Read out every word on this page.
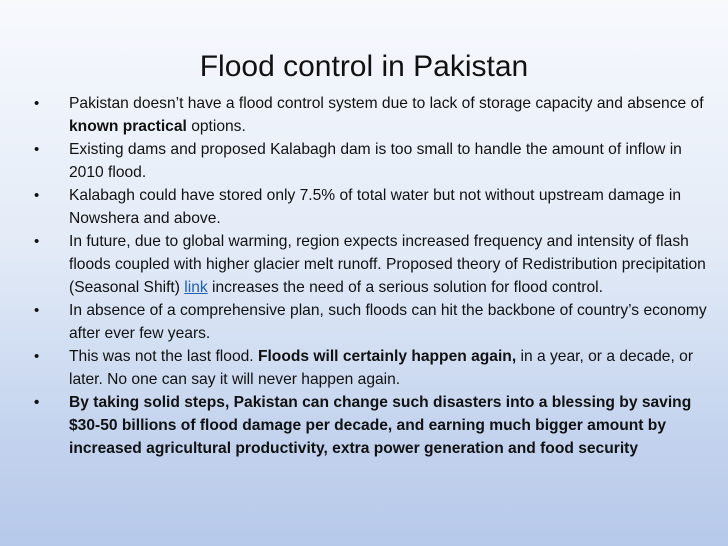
Flood control in Pakistan
•	Pakistan doesn’t have a flood control system due to lack of storage capacity and absence of known practical options.
•	Existing dams and proposed Kalabagh dam is too small to handle the amount of inflow in 2010 flood.
•	Kalabagh could have stored only 7.5% of total water but not without upstream damage in Nowshera and above.
•	In future, due to global warming, region expects increased frequency and intensity of flash floods coupled with higher glacier melt runoff. Proposed theory of Redistribution precipitation (Seasonal Shift) link increases the need of a serious solution for flood control.
•	In absence of a comprehensive plan, such floods can hit the backbone of country’s economy after ever few years.
•	This was not the last flood. Floods will certainly happen again, in a year, or a decade, or later. No one can say it will never happen again.
•	By taking solid steps, Pakistan can change such disasters into a blessing by saving $30-50 billions of flood damage per decade, and earning much bigger amount by increased agricultural productivity, extra power generation and food security
